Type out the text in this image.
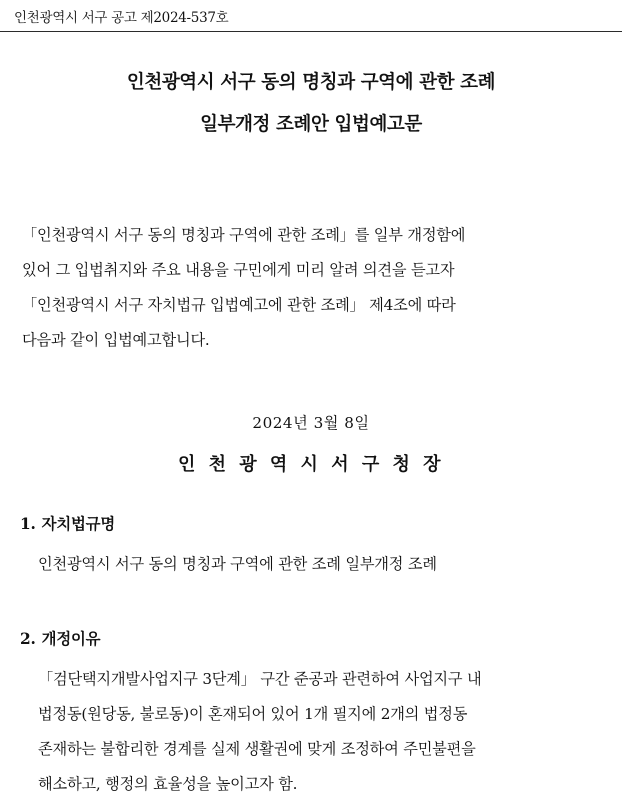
인천광역시 서구 공고 제2024-537호
인천광역시 서구 동의 명칭과 구역에 관한 조례
일부개정 조례안 입법예고문
「인천광역시 서구 동의 명칭과 구역에 관한 조례」를 일부 개정함에
있어 그 입법취지와 주요 내용을 구민에게 미리 알려 의견을 듣고자
「인천광역시 서구 자치법규 입법예고에 관한 조례」 제4조에 따라
다음과 같이 입법예고합니다.
2024년 3월 8일
인 천 광 역 시 서 구 청 장
1. 자치법규명
인천광역시 서구 동의 명칭과 구역에 관한 조례 일부개정 조례
2. 개정이유
「검단택지개발사업지구 3단계」 구간 준공과 관련하여 사업지구 내
법정동(원당동, 불로동)이 혼재되어 있어 1개 필지에 2개의 법정동
존재하는 불합리한 경계를 실제 생활권에 맞게 조정하여 주민불편을
해소하고, 행정의 효율성을 높이고자 함.
